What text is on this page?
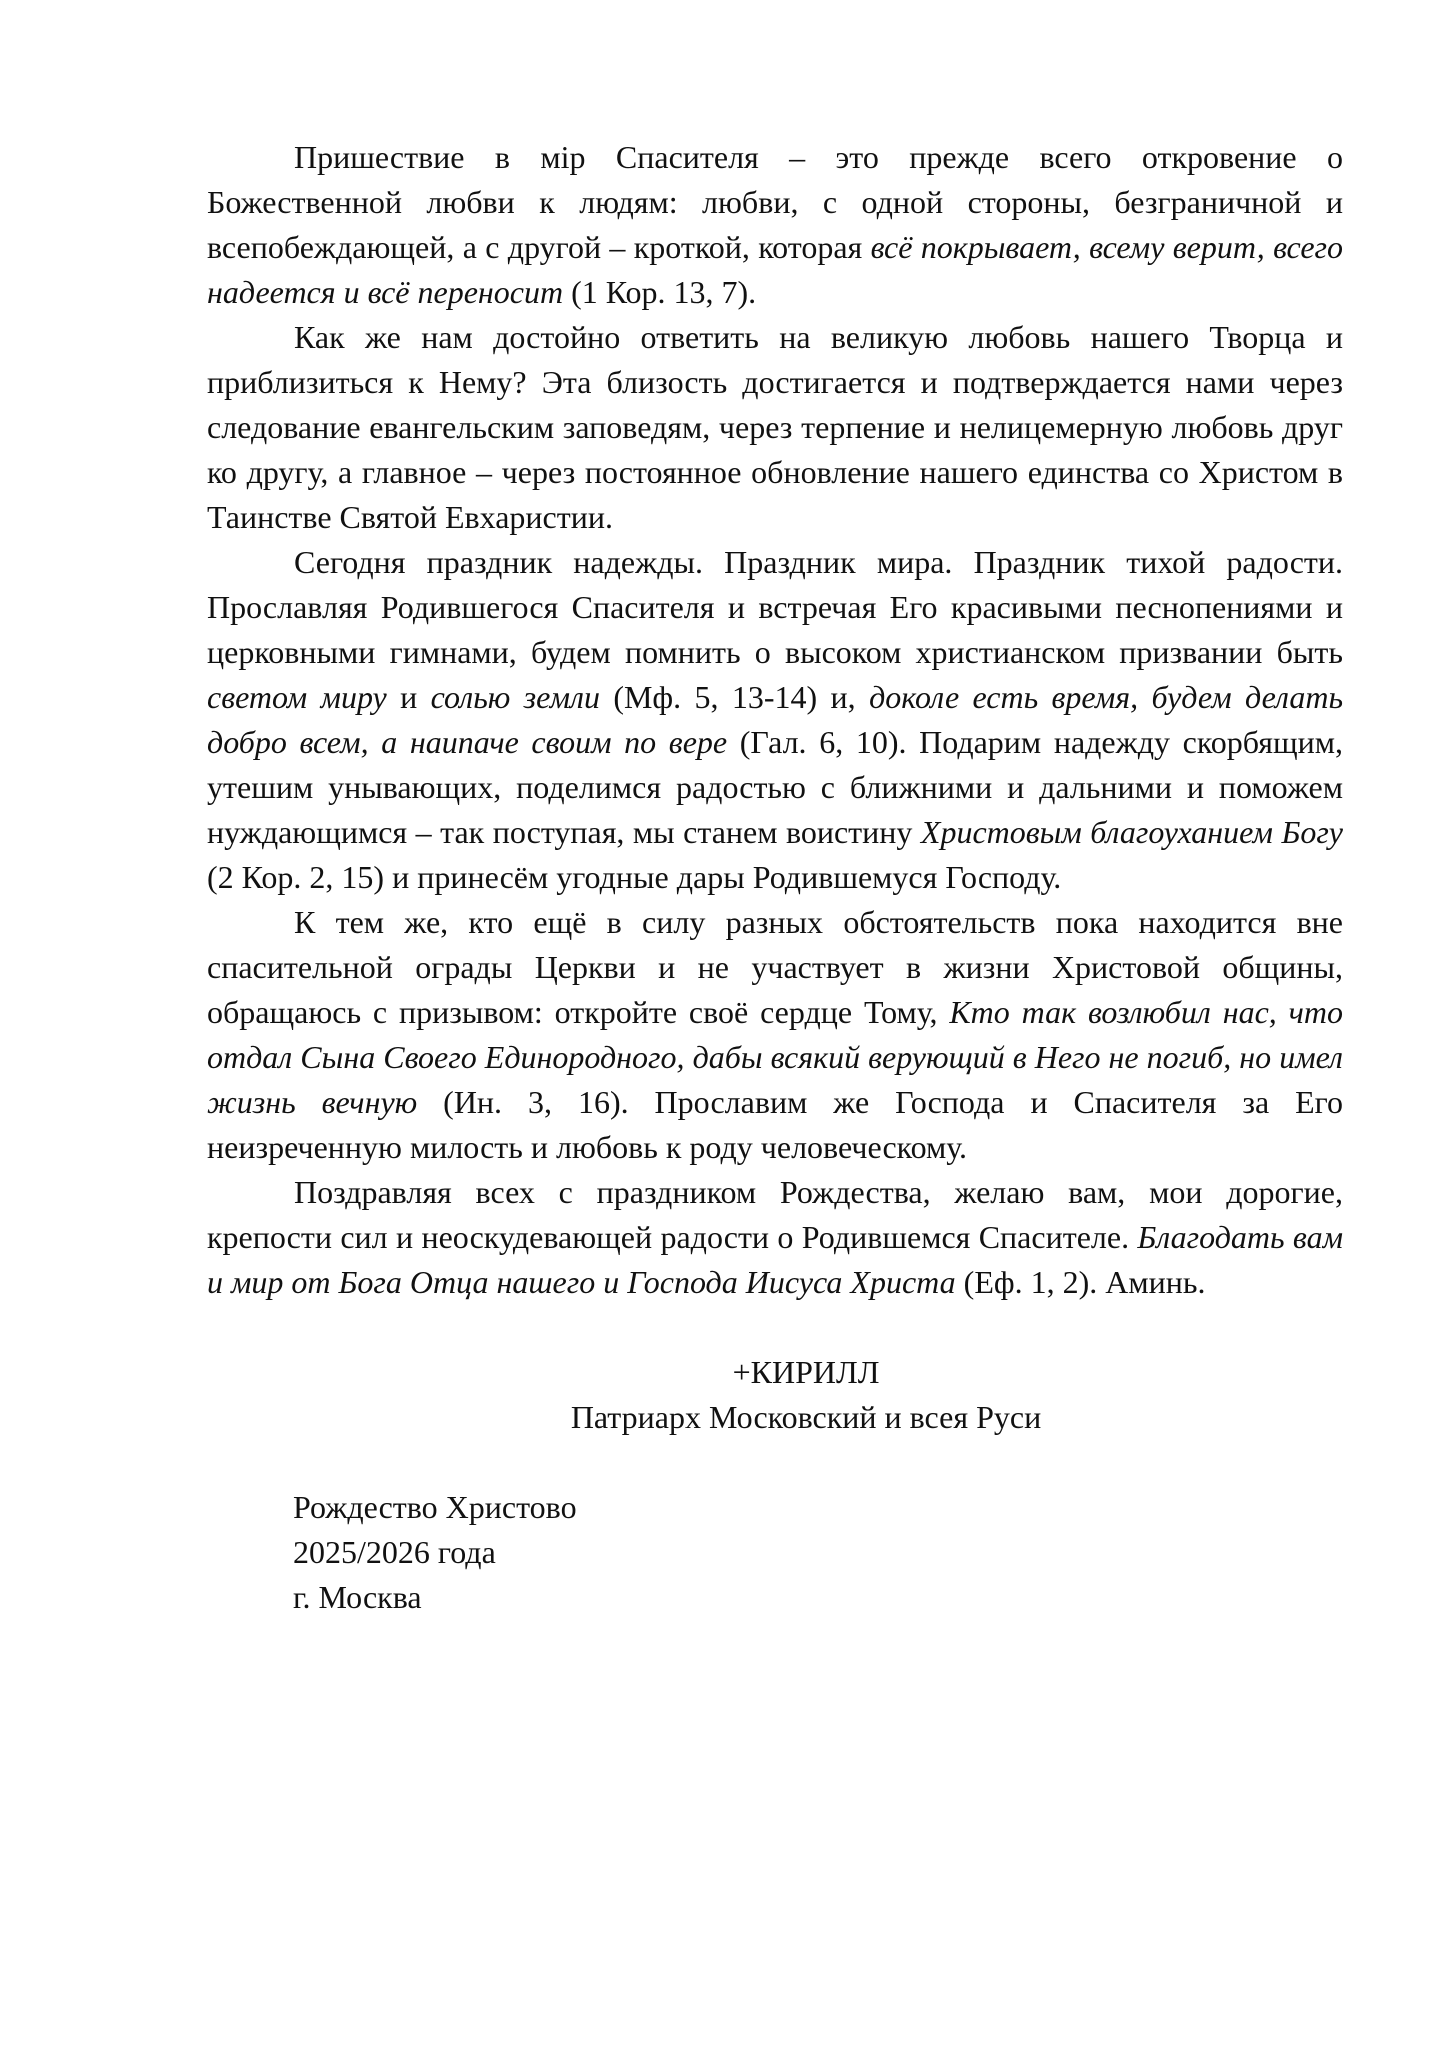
Пришествие в мір Спасителя – это прежде всего откровение о Божественной любви к людям: любви, с одной стороны, безграничной и всепобеждающей, а с другой – кроткой, которая всё покрывает, всему верит, всего надеется и всё переносит (1 Кор. 13, 7).

Как же нам достойно ответить на великую любовь нашего Творца и приблизиться к Нему? Эта близость достигается и подтверждается нами через следование евангельским заповедям, через терпение и нелицемерную любовь друг ко другу, а главное – через постоянное обновление нашего единства со Христом в Таинстве Святой Евхаристии.

Сегодня праздник надежды. Праздник мира. Праздник тихой радости. Прославляя Родившегося Спасителя и встречая Его красивыми песнопениями и церковными гимнами, будем помнить о высоком христианском призвании быть светом миру и солью земли (Мф. 5, 13-14) и, доколе есть время, будем делать добро всем, а наипаче своим по вере (Гал. 6, 10). Подарим надежду скорбящим, утешим унывающих, поделимся радостью с ближними и дальними и поможем нуждающимся – так поступая, мы станем воистину Христовым благоуханием Богу (2 Кор. 2, 15) и принесём угодные дары Родившемуся Господу.

К тем же, кто ещё в силу разных обстоятельств пока находится вне спасительной ограды Церкви и не участвует в жизни Христовой общины, обращаюсь с призывом: откройте своё сердце Тому, Кто так возлюбил нас, что отдал Сына Своего Единородного, дабы всякий верующий в Него не погиб, но имел жизнь вечную (Ин. 3, 16). Прославим же Господа и Спасителя за Его неизреченную милость и любовь к роду человеческому.

Поздравляя всех с праздником Рождества, желаю вам, мои дорогие, крепости сил и неоскудевающей радости о Родившемся Спасителе. Благодать вам и мир от Бога Отца нашего и Господа Иисуса Христа (Еф. 1, 2). Аминь.

+КИРИЛЛ
Патриарх Московский и всея Руси
Рождество Христово
2025/2026 года
г. Москва
